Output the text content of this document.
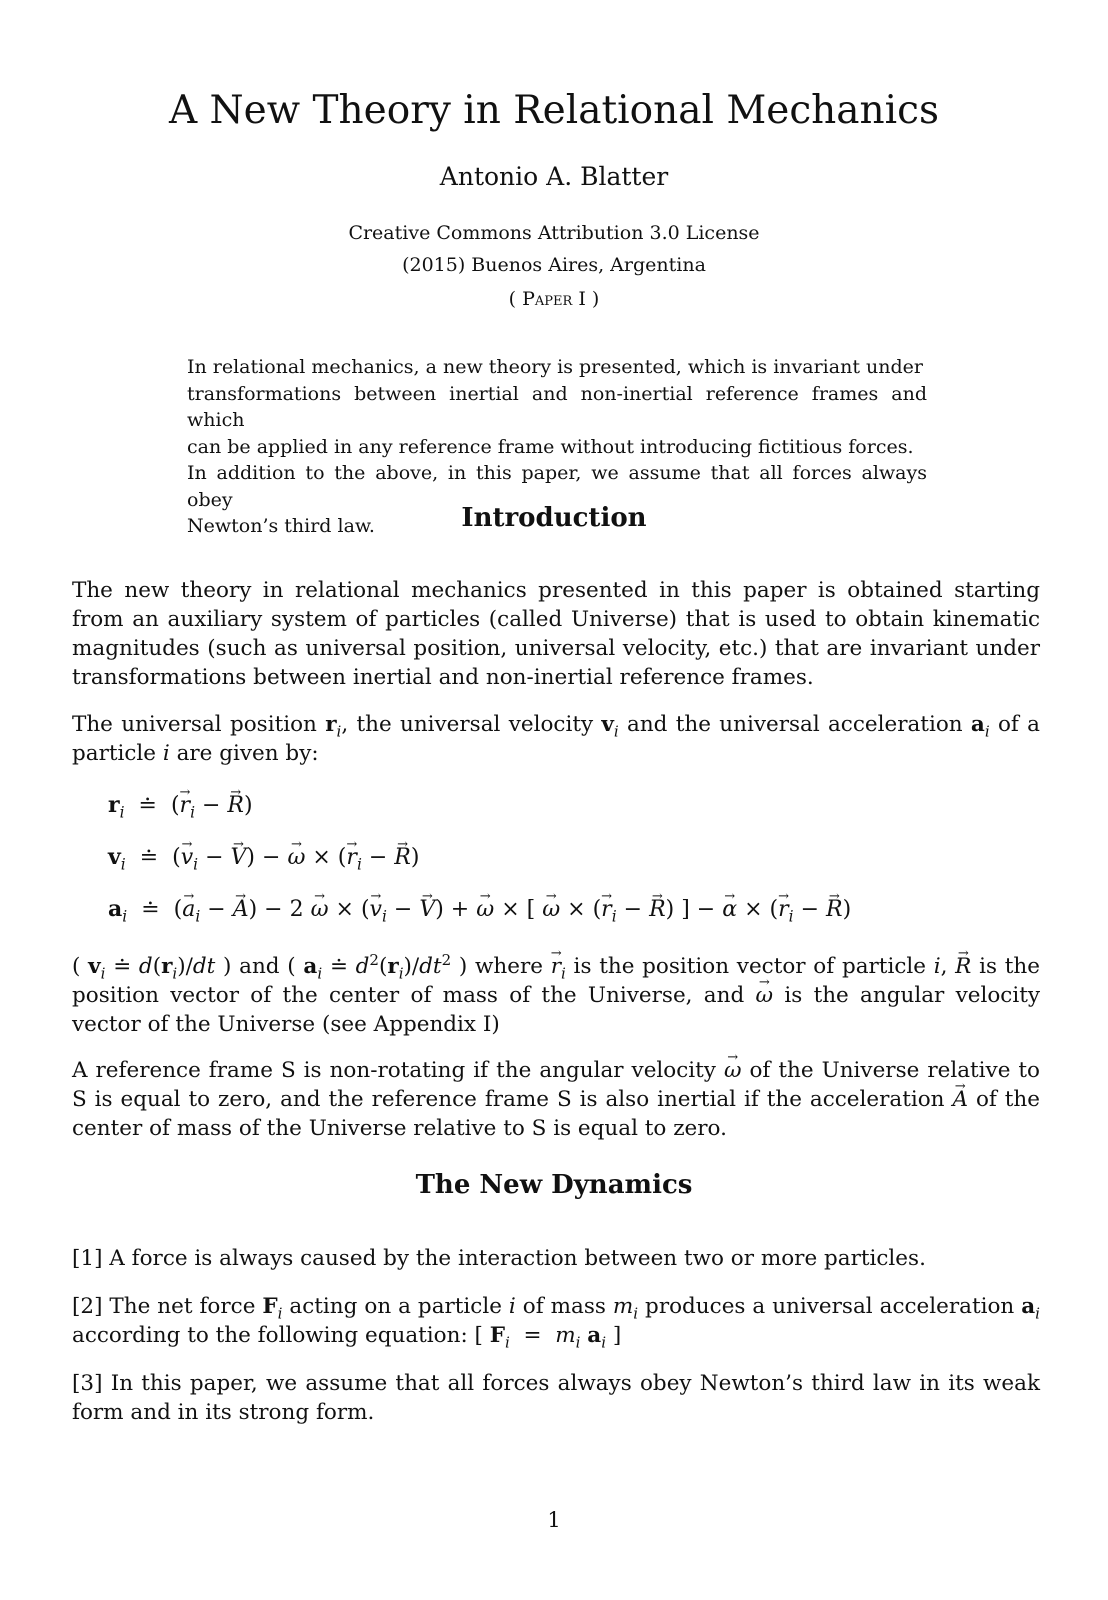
A New Theory in Relational Mechanics
Antonio A. Blatter
Creative Commons Attribution 3.0 License
(2015) Buenos Aires, Argentina
( Paper I )
In relational mechanics, a new theory is presented, which is invariant under
transformations between inertial and non-inertial reference frames and which
can be applied in any reference frame without introducing fictitious forces.
In addition to the above, in this paper, we assume that all forces always obey
Newton’s third law.	Introduction

The new theory in relational mechanics presented in this paper is obtained starting from an auxiliary system of particles (called Universe) that is used to obtain kinematic magnitudes (such as universal position, universal velocity, etc.) that are invariant under transformations between inertial and non-inertial reference frames.

The universal position $r_i$, the universal velocity $v_i$ and the universal acceleration $a_i$ of a particle i are given by:

$r_i$  ≐  (→ $r_i$ − → R)
$v_i$  ≐  (→ $v_i$ − → V) − → ω × (→ $r_i$ − → R)
$a_i$  ≐  (→ $a_i$ − → A) − 2 → ω × (→ $v_i$ − → V) + → ω × [ → ω × (→ $r_i$ − → R) ] − → α × (→ $r_i$ − → R)

( $v_i$ ≐ $d(r_i)/dt$ ) and ( $a_i$ ≐ $d^2(r_i)/dt^2$ ) where → $r_i$ is the position vector of particle i, → R is the position vector of the center of mass of the Universe, and → ω is the angular velocity vector of the Universe (see Appendix I)

A reference frame S is non-rotating if the angular velocity → ω of the Universe relative to S is equal to zero, and the reference frame S is also inertial if the acceleration → A of the center of mass of the Universe relative to S is equal to zero.

The New Dynamics

[1] A force is always caused by the interaction between two or more particles.

[2] The net force $F_i$ acting on a particle i of mass $m_i$ produces a universal acceleration $a_i$ according to the following equation: [ $F_i = m_i$ $a_i$ ]

[3] In this paper, we assume that all forces always obey Newton’s third law in its weak form and in its strong form.

1
